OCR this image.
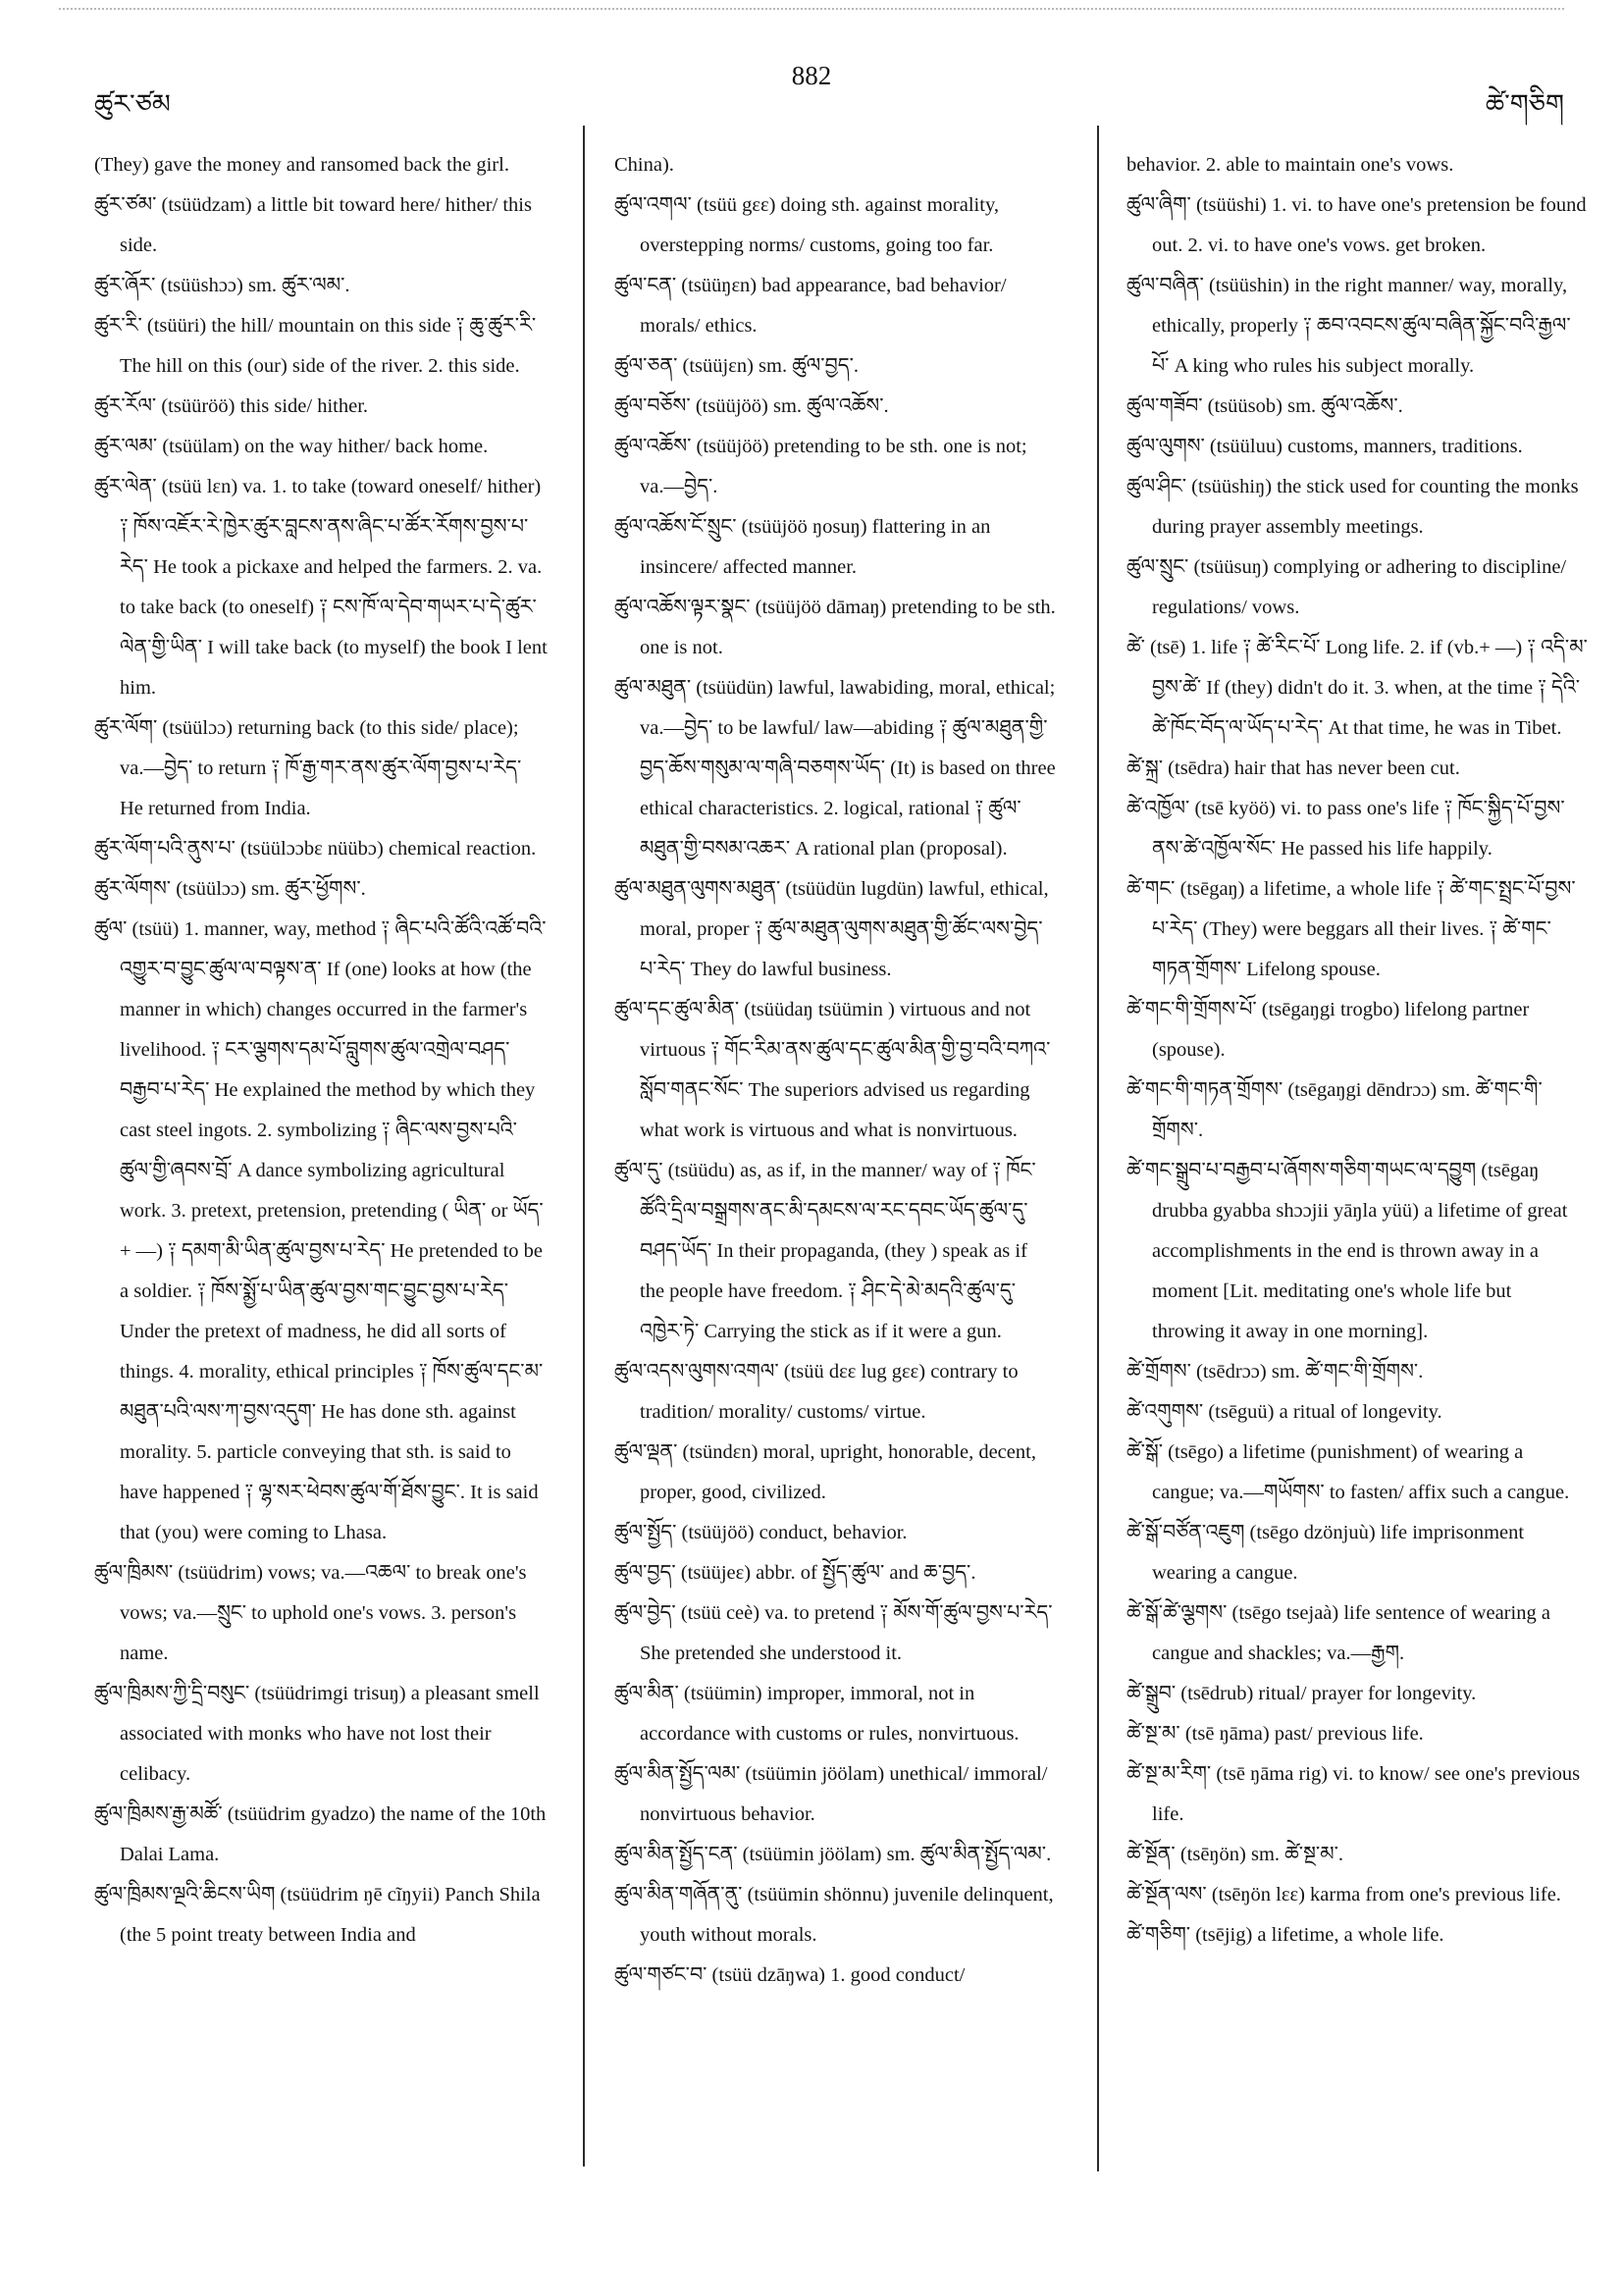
ཚུར་ཙམ
882
ཚེ་གཅིག

(They) gave the money and ransomed back the girl.

ཚུར་ཙམ་ (tsüüdzam) a little bit toward here/ hither/ this side.

ཚུར་ཞོར་ (tsüüshɔɔ) sm. ཚུར་ལམ་.

ཚུར་རི་ (tsüüri) the hill/ mountain on this side ༑ ཆུ་ཚུར་རི་ The hill on this (our) side of the river. 2. this side.

ཚུར་རོལ་ (tsüüröö) this side/ hither.

ཚུར་ལམ་ (tsüülam) on the way hither/ back home.

ཚུར་ལེན་ (tsüü lɛn) va. 1. to take (toward oneself/ hither) ༑ ཁོས་འཇོར་རེ་ཁྱེར་ཚུར་བླངས་ནས་ཞིང་པ་ཚོར་རོགས་བྱས་པ་རེད་ He took a pickaxe and helped the farmers. 2. va. to take back (to oneself) ༑ ངས་ཁོ་ལ་དེབ་གཡར་པ་དེ་ཚུར་ལེན་གྱི་ཡིན་ I will take back (to myself) the book I lent him.

ཚུར་ལོག་ (tsüülɔɔ) returning back (to this side/ place); va.—བྱེད་ to return ༑ ཁོ་རྒྱ་གར་ནས་ཚུར་ལོག་བྱས་པ་རེད་ He returned from India.

ཚུར་ལོག་པའི་ནུས་པ་ (tsüülɔɔbɛ nüübɔ) chemical reaction.

ཚུར་ལོགས་ (tsüülɔɔ) sm. ཚུར་ཕྱོགས་.

ཚུལ་ (tsüü) 1. manner, way, method ༑ ཞིང་པའི་ཚོའི་འཚོ་བའི་འགྱུར་བ་བྱུང་ཚུལ་ལ་བལྟས་ན་ If (one) looks at how (the manner in which) changes occurred in the farmer's livelihood. ༑ ངར་ལྕགས་དམ་པོ་བླུགས་ཚུལ་འགྲེལ་བཤད་བརྒྱབ་པ་རེད་ He explained the method by which they cast steel ingots. 2. symbolizing ༑ ཞིང་ལས་བྱས་པའི་ཚུལ་གྱི་ཞབས་བྲོ་ A dance symbolizing agricultural work. 3. pretext, pretension, pretending ( ཡིན་ or ཡོད་ + —) ༑ དམག་མི་ཡིན་ཚུལ་བྱས་པ་རེད་ He pretended to be a soldier. ༑ ཁོས་སྨྱོ་པ་ཡིན་ཚུལ་བྱས་གང་བྱུང་བྱས་པ་རེད་ Under the pretext of madness, he did all sorts of things. 4. morality, ethical principles ༑ ཁོས་ཚུལ་དང་མ་མཐུན་པའི་ལས་ཀ་བྱས་འདུག་ He has done sth. against morality. 5. particle conveying that sth. is said to have happened ༑ ལྷ་སར་ཕེབས་ཚུལ་གོ་ཐོས་བྱུང་. It is said that (you) were coming to Lhasa.

ཚུལ་ཁྲིམས་ (tsüüdrim) vows; va.—འཆལ་ to break one's vows; va.—སྲུང་ to uphold one's vows. 3. person's name.

ཚུལ་ཁྲིམས་ཀྱི་དྲི་བསུང་ (tsüüdrimgi trisuŋ) a pleasant smell associated with monks who have not lost their celibacy.

ཚུལ་ཁྲིམས་རྒྱ་མཚོ་ (tsüüdrim gyadzo) the name of the 10th Dalai Lama.

ཚུལ་ཁྲིམས་ལྔའི་ཆིངས་ཡིག (tsüüdrim ŋē cĩŋyii) Panch Shila (the 5 point treaty between India and

China).

ཚུལ་འགལ་ (tsüü gɛɛ) doing sth. against morality, overstepping norms/ customs, going too far.

ཚུལ་ངན་ (tsüüŋɛn) bad appearance, bad behavior/ morals/ ethics.

ཚུལ་ཅན་ (tsüüjɛn) sm. ཚུལ་བྱད་.

ཚུལ་བཅོས་ (tsüüjöö) sm. ཚུལ་འཆོས་.

ཚུལ་འཆོས་ (tsüüjöö) pretending to be sth. one is not; va.—བྱེད་.

ཚུལ་འཆོས་ངོ་སྲུང་ (tsüüjöö ŋosuŋ) flattering in an insincere/ affected manner.

ཚུལ་འཆོས་ལྟར་སྣང་ (tsüüjöö dāmaŋ) pretending to be sth. one is not.

ཚུལ་མཐུན་ (tsüüdün) lawful, lawabiding, moral, ethical; va.—བྱེད་ to be lawful/ law—abiding ༑ ཚུལ་མཐུན་གྱི་བྱད་ཆོས་གསུམ་ལ་གཞི་བཅགས་ཡོད་ (It) is based on three ethical characteristics. 2. logical, rational ༑ ཚུལ་མཐུན་གྱི་བསམ་འཆར་ A rational plan (proposal).

ཚུལ་མཐུན་ལུགས་མཐུན་ (tsüüdün lugdün) lawful, ethical, moral, proper ༑ ཚུལ་མཐུན་ལུགས་མཐུན་གྱི་ཚོང་ལས་བྱེད་པ་རེད་ They do lawful business.

ཚུལ་དང་ཚུལ་མིན་ (tsüüdaŋ tsüümin ) virtuous and not virtuous ༑ གོང་རིམ་ནས་ཚུལ་དང་ཚུལ་མིན་གྱི་བྱ་བའི་བཀའ་སློབ་གནང་སོང་ The superiors advised us regarding what work is virtuous and what is nonvirtuous.

ཚུལ་དུ་ (tsüüdu) as, as if, in the manner/ way of ༑ ཁོང་ཚོའི་དྲིལ་བསྒྲགས་ནང་མི་དམངས་ལ་རང་དབང་ཡོད་ཚུལ་དུ་བཤད་ཡོད་ In their propaganda, (they ) speak as if the people have freedom. ༑ ཤིང་དེ་མེ་མདའི་ཚུལ་དུ་འཁྱེར་ཏེ་ Carrying the stick as if it were a gun.

ཚུལ་འདས་ལུགས་འགལ་ (tsüü dɛɛ lug gɛɛ) contrary to tradition/ morality/ customs/ virtue.

ཚུལ་ལྡན་ (tsündɛn) moral, upright, honorable, decent, proper, good, civilized.

ཚུལ་སྤྱོད་ (tsüüjöö) conduct, behavior.

ཚུལ་བྱད་ (tsüüjeɛ) abbr. of སྤྱོད་ཚུལ་ and ཆ་བྱད་.

ཚུལ་བྱེད་ (tsüü ceè) va. to pretend ༑ མོས་གོ་ཚུལ་བྱས་པ་རེད་ She pretended she understood it.

ཚུལ་མིན་ (tsüümin) improper, immoral, not in accordance with customs or rules, nonvirtuous.

ཚུལ་མིན་སྤྱོད་ལམ་ (tsüümin jöölam) unethical/ immoral/ nonvirtuous behavior.

ཚུལ་མིན་སྤྱོད་ངན་ (tsüümin jöölam) sm. ཚུལ་མིན་སྤྱོད་ལམ་.

ཚུལ་མིན་གཞོན་ནུ་ (tsüümin shönnu) juvenile delinquent, youth without morals.

ཚུལ་གཙང་བ་ (tsüü dzāŋwa) 1. good conduct/

behavior. 2. able to maintain one's vows.

ཚུལ་ཞིག་ (tsüüshi) 1. vi. to have one's pretension be found out. 2. vi. to have one's vows. get broken.

ཚུལ་བཞིན་ (tsüüshin) in the right manner/ way, morally, ethically, properly ༑ ཆབ་འབངས་ཚུལ་བཞིན་སྐྱོང་བའི་རྒྱལ་པོ་ A king who rules his subject morally.

ཚུལ་གཟོབ་ (tsüüsob) sm. ཚུལ་འཆོས་.

ཚུལ་ལུགས་ (tsüüluu) customs, manners, traditions.

ཚུལ་ཤིང་ (tsüüshiŋ) the stick used for counting the monks during prayer assembly meetings.

ཚུལ་སྲུང་ (tsüüsuŋ) complying or adhering to discipline/ regulations/ vows.

ཚེ་ (tsē) 1. life ༑ ཚེ་རིང་པོ་ Long life. 2. if (vb.+ —) ༑ འདི་མ་བྱས་ཚེ་ If (they) didn't do it. 3. when, at the time ༑ དེའི་ཚེ་ཁོང་བོད་ལ་ཡོད་པ་རེད་ At that time, he was in Tibet.

ཚེ་སྐྲ་ (tsēdra) hair that has never been cut.

ཚེ་འཁྱོལ་ (tsē kyöö) vi. to pass one's life ༑ ཁོང་སྐྱིད་པོ་བྱས་ནས་ཚེ་འཁྱོལ་སོང་ He passed his life happily.

ཚེ་གང་ (tsēgaŋ) a lifetime, a whole life ༑ ཚེ་གང་སྤྲང་པོ་བྱས་པ་རེད་ (They) were beggars all their lives. ༑ ཚེ་གང་གཏན་གྲོགས་ Lifelong spouse.

ཚེ་གང་གི་གྲོགས་པོ་ (tsēgaŋgi trogbo) lifelong partner (spouse).

ཚེ་གང་གི་གཏན་གྲོགས་ (tsēgaŋgi dēndrɔɔ) sm. ཚེ་གང་གི་གྲོགས་.

ཚེ་གང་སྒྲུབ་པ་བརྒྱབ་པ་ཞོགས་གཅིག་གཡང་ལ་དབྱུག (tsēgaŋ drubba gyabba shɔɔjii yāŋla yüü) a lifetime of great accomplishments in the end is thrown away in a moment [Lit. meditating one's whole life but throwing it away in one morning].

ཚེ་གྲོགས་ (tsēdrɔɔ) sm. ཚེ་གང་གི་གྲོགས་.

ཚེ་འགུགས་ (tsēguü) a ritual of longevity.

ཚེ་སྒོ་ (tsēgo) a lifetime (punishment) of wearing a cangue; va.—གཡོགས་ to fasten/ affix such a cangue.

ཚེ་སྒོ་བཙོན་འཇུག (tsēgo dzönjuù) life imprisonment wearing a cangue.

ཚེ་སྒོ་ཚེ་ལྕགས་ (tsēgo tsejaà) life sentence of wearing a cangue and shackles; va.—རྒྱག.

ཚེ་སྒྲུབ་ (tsēdrub) ritual/ prayer for longevity.

ཚེ་སྔ་མ་ (tsē ŋāma) past/ previous life.

ཚེ་སྔ་མ་རིག་ (tsē ŋāma rig) vi. to know/ see one's previous life.

ཚེ་སྔོན་ (tsēŋön) sm. ཚེ་སྔ་མ་.

ཚེ་སྔོན་ལས་ (tsēŋön lɛɛ) karma from one's previous life.

ཚེ་གཅིག་ (tsējig) a lifetime, a whole life.
